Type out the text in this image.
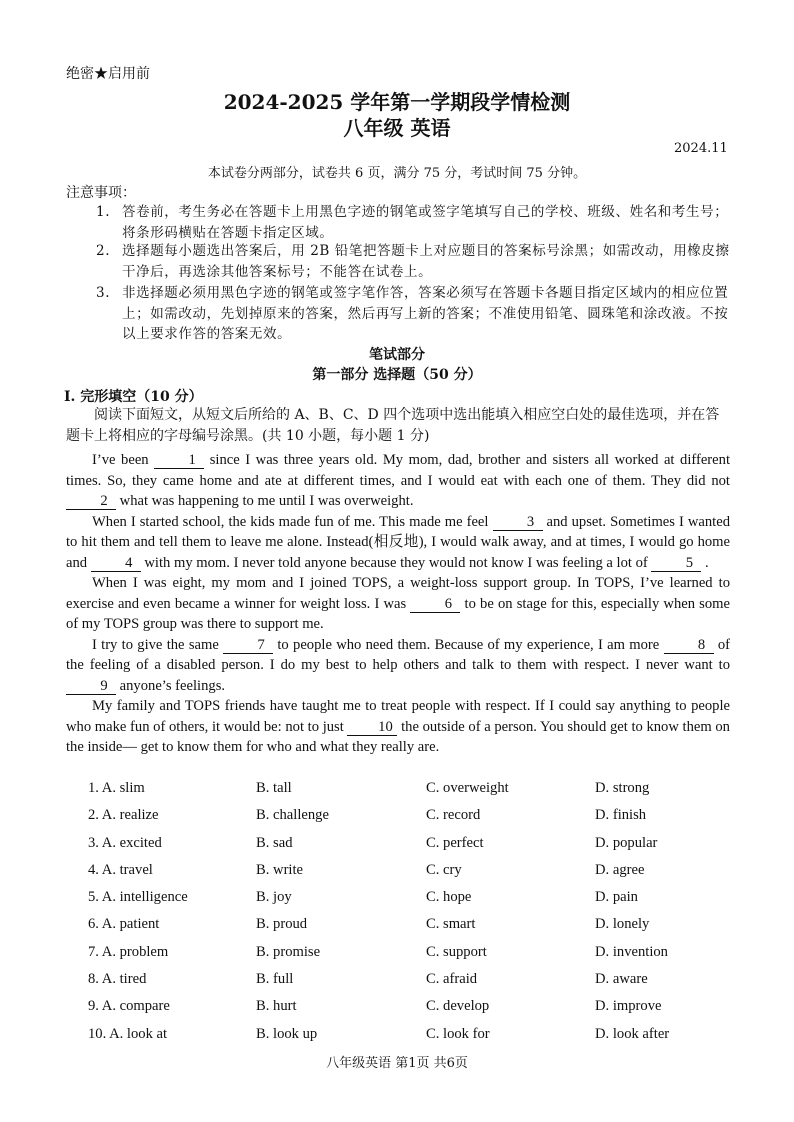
绝密★启用前
2024-2025 学年第一学期段学情检测
八年级 英语
2024.11
本试卷分两部分，试卷共 6 页，满分 75 分，考试时间 75 分钟。
注意事项：
1. 答卷前，考生务必在答题卡上用黑色字迹的钢笔或签字笔填写自己的学校、班级、姓名和考生号；将条形码横贴在答题卡指定区域。
2. 选择题每小题选出答案后，用 2B 铅笔把答题卡上对应题目的答案标号涂黑；如需改动，用橡皮擦干净后，再选涂其他答案标号；不能答在试卷上。
3. 非选择题必须用黑色字迹的钢笔或签字笔作答，答案必须写在答题卡各题目指定区域内的相应位置上；如需改动，先划掉原来的答案，然后再写上新的答案；不准使用铅笔、圆珠笔和涂改液。不按以上要求作答的答案无效。
笔试部分
第一部分 选择题（50 分）
I. 完形填空（10 分）
阅读下面短文，从短文后所给的 A、B、C、D 四个选项中选出能填入相应空白处的最佳选项，并在答题卡上将相应的字母编号涂黑。(共 10 小题，每小题 1 分)

I’ve been 1 since I was three years old. My mom, dad, brother and sisters all worked at different times. So, they came home and ate at different times, and I would eat with each one of them. They did not 2 what was happening to me until I was overweight.

When I started school, the kids made fun of me. This made me feel 3 and upset. Sometimes I wanted to hit them and tell them to leave me alone. Instead(相反地), I would walk away, and at times, I would go home and 4 with my mom. I never told anyone because they would not know I was feeling a lot of 5 .

When I was eight, my mom and I joined TOPS, a weight-loss support group. In TOPS, I’ve learned to exercise and even became a winner for weight loss. I was 6 to be on stage for this, especially when some of my TOPS group was there to support me.

I try to give the same 7 to people who need them. Because of my experience, I am more 8 of the feeling of a disabled person. I do my best to help others and talk to them with respect. I never want to 9 anyone’s feelings.

My family and TOPS friends have taught me to treat people with respect. If I could say anything to people who make fun of others, it would be: not to just 10 the outside of a person. You should get to know them on the inside— get to know them for who and what they really are.

1. A. slim	B. tall	C. overweight	D. strong
2. A. realize	B. challenge	C. record	D. finish
3. A. excited	B. sad	C. perfect	D. popular
4. A. travel	B. write	C. cry	D. agree
5. A. intelligence	B. joy	C. hope	D. pain
6. A. patient	B. proud	C. smart	D. lonely
7. A. problem	B. promise	C. support	D. invention
8. A. tired	B. full	C. afraid	D. aware
9. A. compare	B. hurt	C. develop	D. improve
10. A. look at	B. look up	C. look for	D. look after
八年级英语 第1页 共6页
